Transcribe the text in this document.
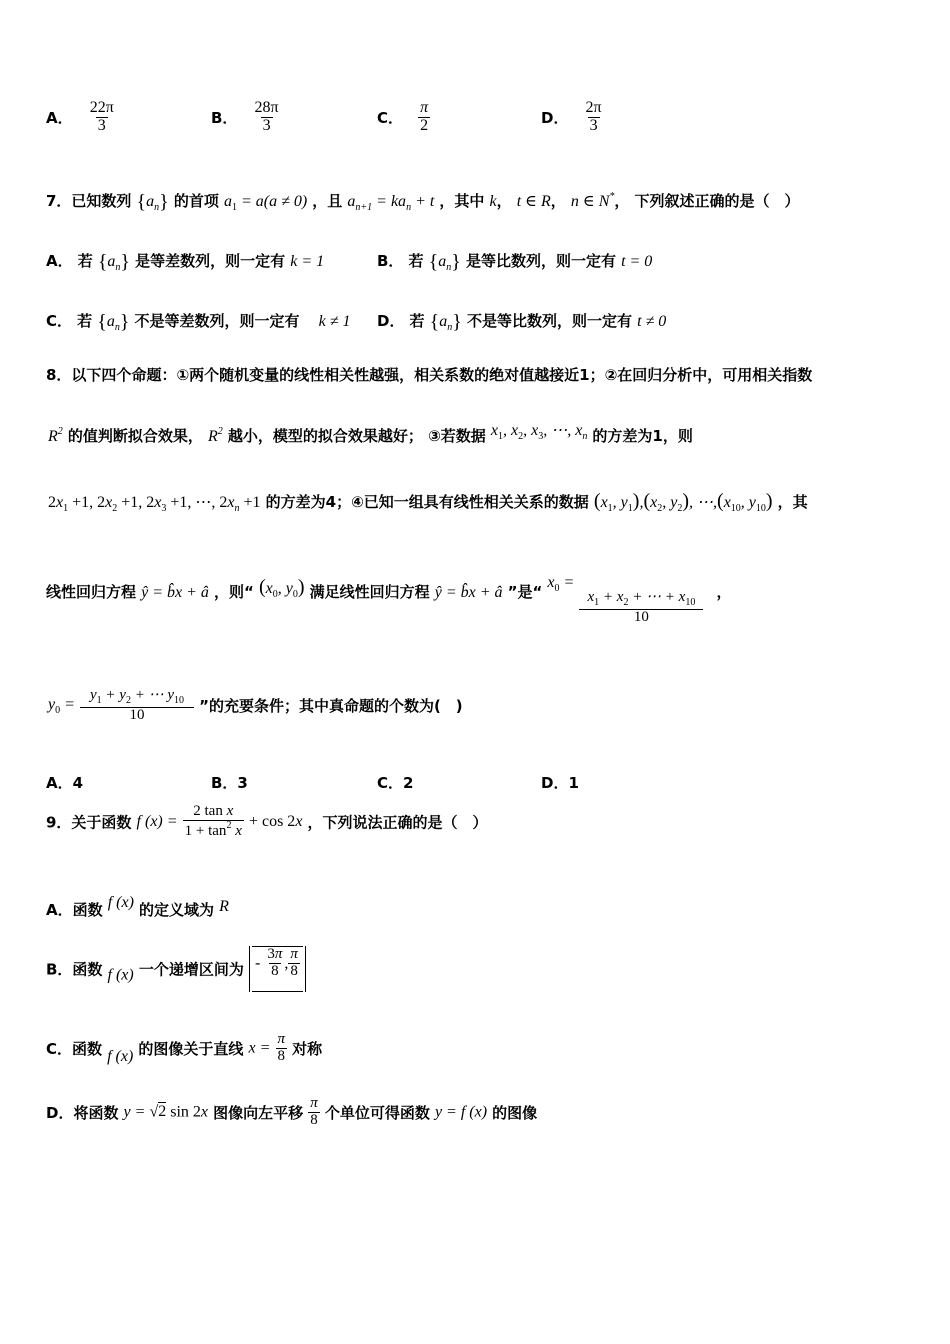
A． $\frac{22\pi}{3}$	B． $\frac{28\pi}{3}$	C． $\frac{\pi}{2}$	D． $\frac{2\pi}{3}$
7．已知数列 $\{a_n\}$ 的首项 $a_1 = a(a \ne 0)$ ，且 $a_{n+1} = ka_n + t$ ，其中 k， t ∈ R， n ∈ N*， 下列叙述正确的是（　）
A． 若 $\{a_n\}$ 是等差数列，则一定有 k = 1	B． 若 $\{a_n\}$ 是等比数列，则一定有 t = 0
C． 若 $\{a_n\}$ 不是等差数列，则一定有 k ≠ 1 D． 若 $\{a_n\}$ 不是等比数列，则一定有 t ≠ 0
8．以下四个命题：①两个随机变量的线性相关性越强，相关系数的绝对值越接近1；②在回归分析中，可用相关指数
$R^2$ 的值判断拟合效果， $R^2$ 越小，模型的拟合效果越好； ③若数据 $x_1$, $x_2$, $x_3$, ⋯, $x_n$ 的方差为1，则
$2x_1 +1$, $2x_2 +1$, $2x_3 +1$, ⋯, $2x_n +1$ 的方差为4；④已知一组具有线性相关关系的数据 ($x_1$, $y_1),(x_2$, $y_2$), $\cdots,(x_{10}$, $y_{10}$) ，其
线性回归方程 ŷ = b̂x + â ，则“ ($x_0$, $y_0$) 满足线性回归方程 ŷ = b̂x + â ”是“ $x_0$ =
$\frac{x_1 + x_2 + \cdots + x_{10}}{10}$ ，
$y_0 = \frac{y_1 + y_2 + \cdots y_{10}}{10}$ ”的充要条件；其中真命题的个数为(　)
A．4	B．3	C．2	D．1
9．关于函数 f $(x) = \frac{\text{2 tan x}}{1 + \tan^2 x} + \cos 2x$ ，下列说法正确的是（　）
A．函数 f (x) 的定义域为 R
B．函数 f (x) 一个递增区间为 - $\frac{3\pi}{8}$ , $\frac{\pi}{8}$
C．函数 f (x) 的图像关于直线 $x = \frac{\pi}{8}$ 对称
D．将函数 y = √2 sin 2x 图像向左平移 $\frac{\pi}{8}$ 个单位可得函数 y = f (x) 的图像
